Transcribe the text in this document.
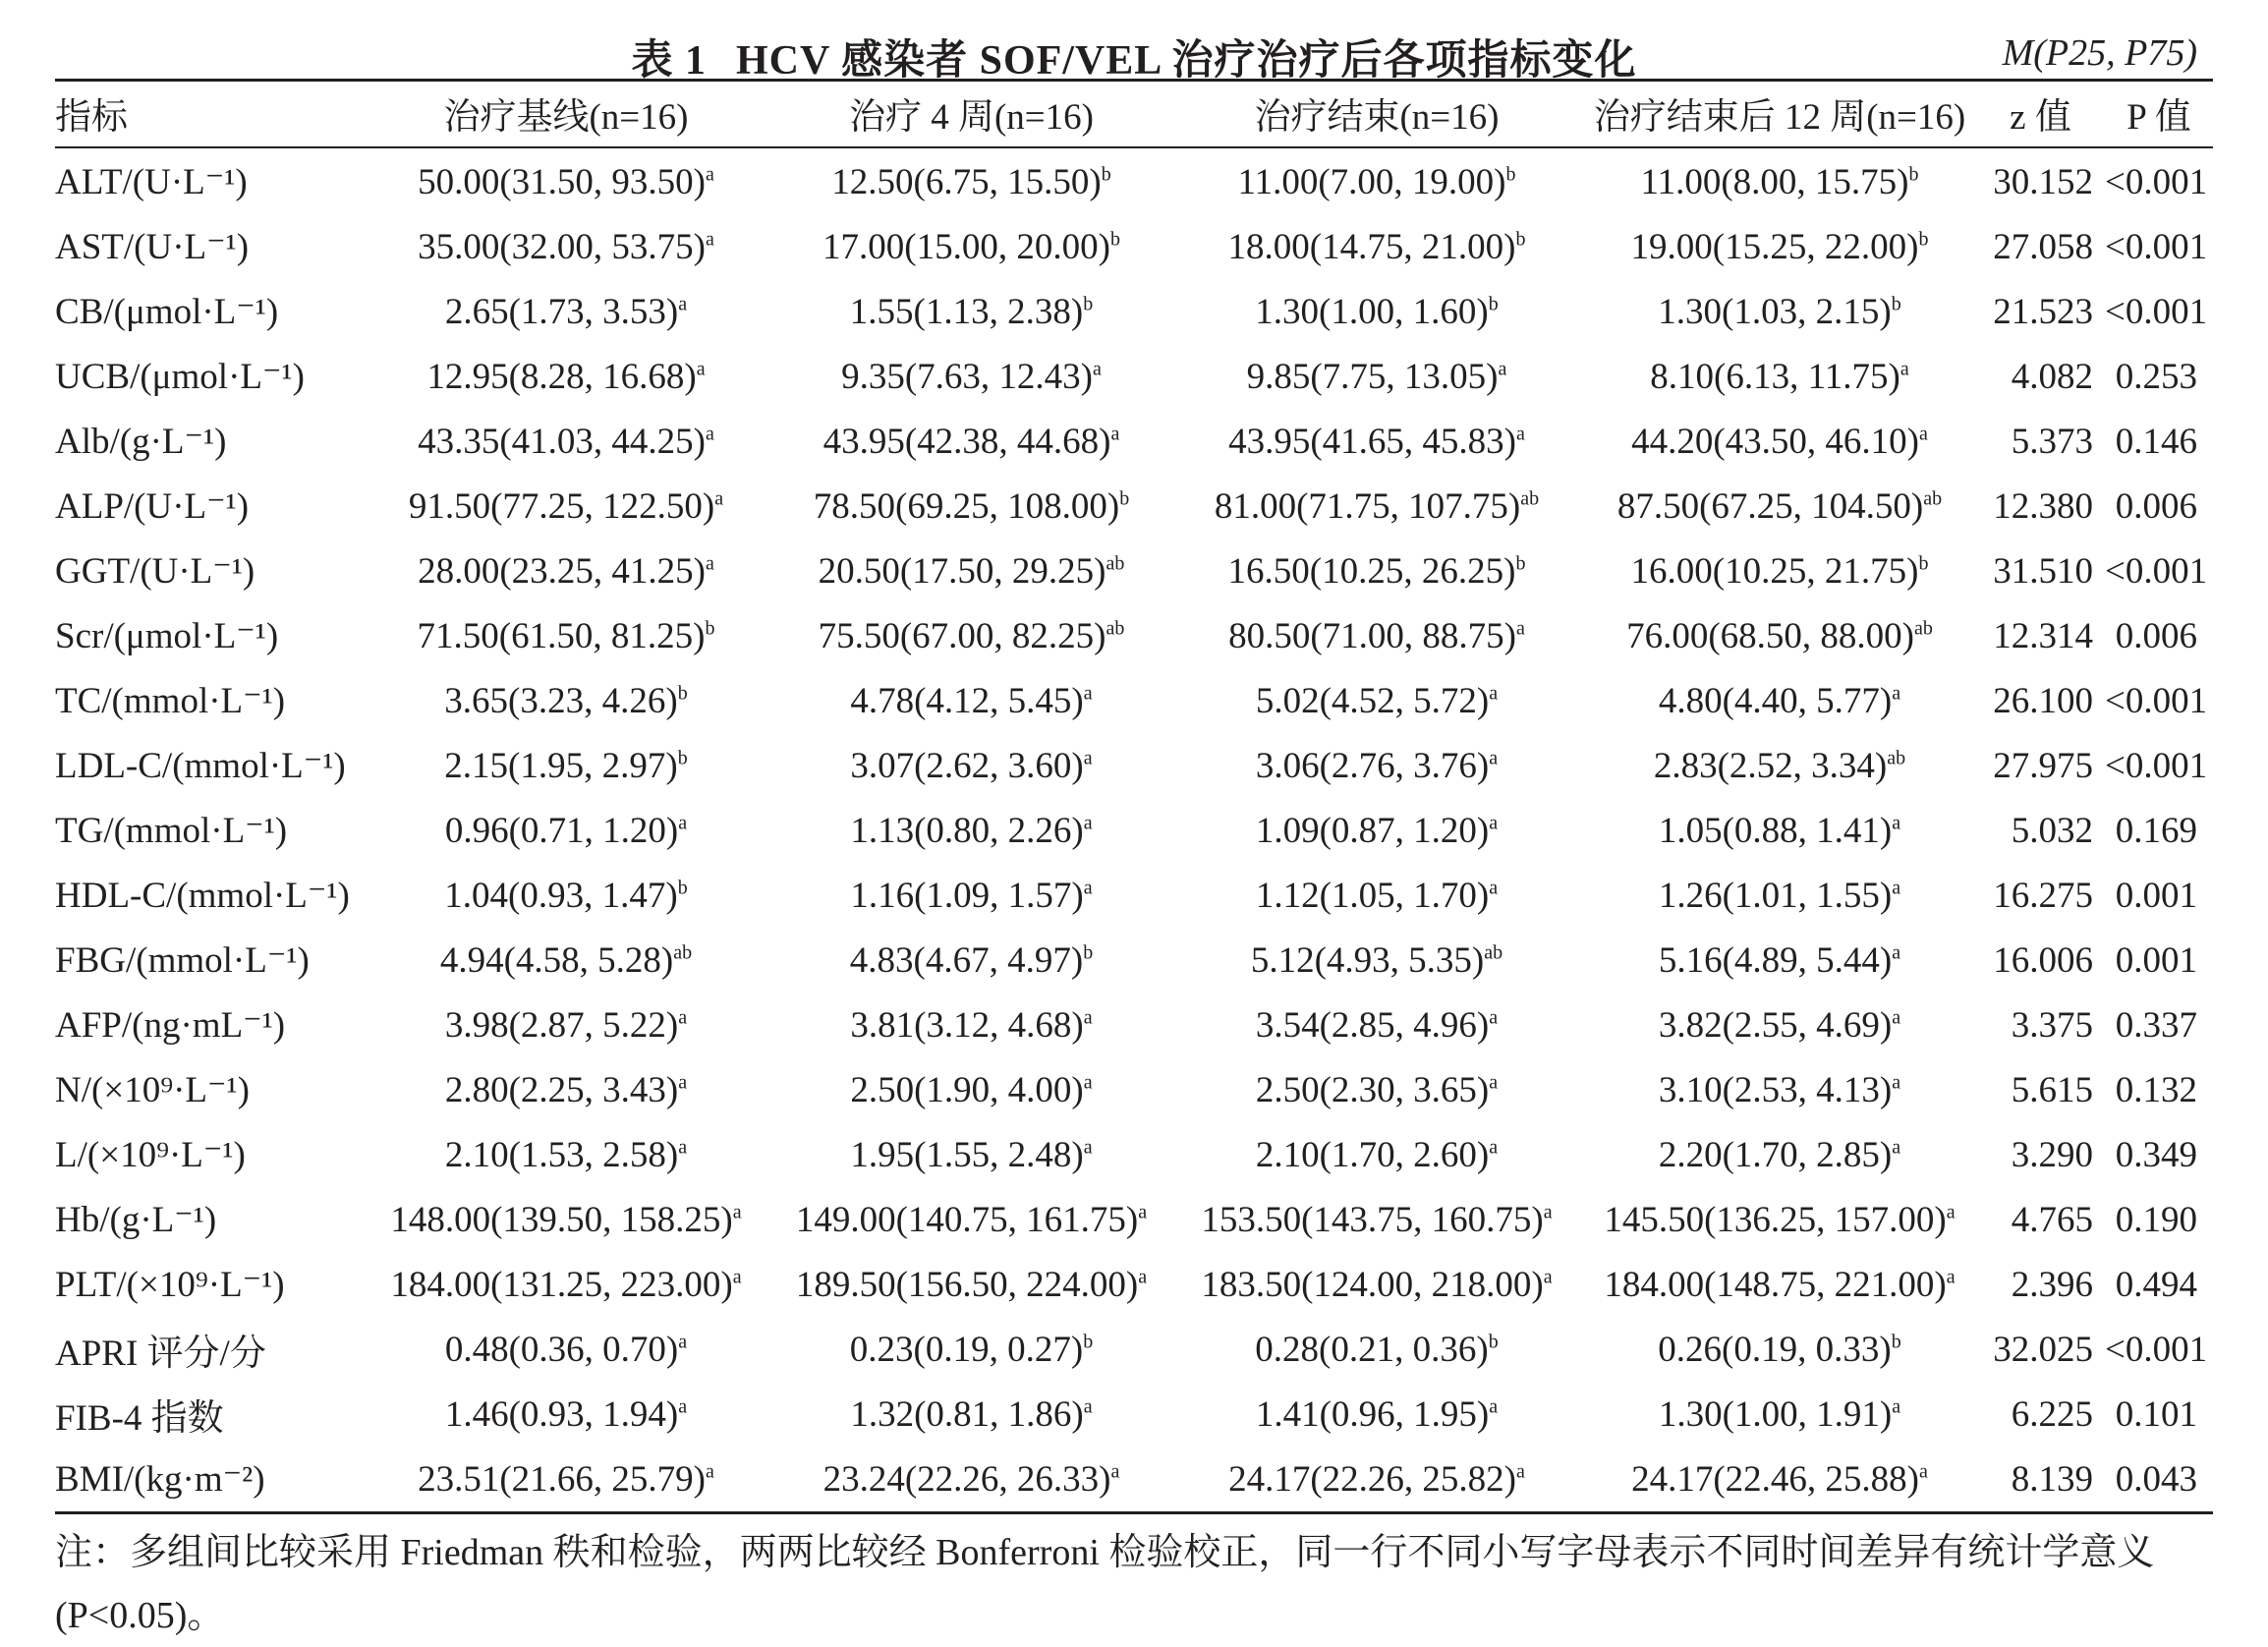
表 1 HCV 感染者 SOF/VEL 治疗治疗后各项指标变化	M(P25, P75)
指标	治疗基线(n=16)	治疗 4 周(n=16)	治疗结束(n=16)	治疗结束后 12 周(n=16)	z 值	P 值
ALT/(U·L⁻¹)	50.00(31.50, 93.50)$^a$	12.50(6.75, 15.50)$^b$	11.00(7.00, 19.00)$^b$	11.00(8.00, 15.75)$^b$	30.152	<0.001
AST/(U·L⁻¹)	35.00(32.00, 53.75)$^a$	17.00(15.00, 20.00)$^b$	18.00(14.75, 21.00)$^b$	19.00(15.25, 22.00)$^b$	27.058	<0.001
CB/(μmol·L⁻¹)	2.65(1.73, 3.53)$^a$	1.55(1.13, 2.38)$^b$	1.30(1.00, 1.60)$^b$	1.30(1.03, 2.15)$^b$	21.523	<0.001
UCB/(μmol·L⁻¹)	12.95(8.28, 16.68)$^a$	9.35(7.63, 12.43)$^a$	9.85(7.75, 13.05)$^a$	8.10(6.13, 11.75)$^a$	4.082	0.253
Alb/(g·L⁻¹)	43.35(41.03, 44.25)$^a$	43.95(42.38, 44.68)$^a$	43.95(41.65, 45.83)$^a$	44.20(43.50, 46.10)$^a$	5.373	0.146
ALP/(U·L⁻¹)	91.50(77.25, 122.50)$^a$	78.50(69.25, 108.00)$^b$	81.00(71.75, 107.75)$^{ab}$	87.50(67.25, 104.50)$^{ab}$	12.380	0.006
GGT/(U·L⁻¹)	28.00(23.25, 41.25)$^a$	20.50(17.50, 29.25)$^{ab}$	16.50(10.25, 26.25)$^b$	16.00(10.25, 21.75)$^b$	31.510	<0.001
Scr/(μmol·L⁻¹)	71.50(61.50, 81.25)$^b$	75.50(67.00, 82.25)$^{ab}$	80.50(71.00, 88.75)$^a$	76.00(68.50, 88.00)$^{ab}$	12.314	0.006
TC/(mmol·L⁻¹)	3.65(3.23, 4.26)$^b$	4.78(4.12, 5.45)$^a$	5.02(4.52, 5.72)$^a$	4.80(4.40, 5.77)$^a$	26.100	<0.001
LDL-C/(mmol·L⁻¹)	2.15(1.95, 2.97)$^b$	3.07(2.62, 3.60)$^a$	3.06(2.76, 3.76)$^a$	2.83(2.52, 3.34)$^{ab}$	27.975	<0.001
TG/(mmol·L⁻¹)	0.96(0.71, 1.20)$^a$	1.13(0.80, 2.26)$^a$	1.09(0.87, 1.20)$^a$	1.05(0.88, 1.41)$^a$	5.032	0.169
HDL-C/(mmol·L⁻¹)	1.04(0.93, 1.47)$^b$	1.16(1.09, 1.57)$^a$	1.12(1.05, 1.70)$^a$	1.26(1.01, 1.55)$^a$	16.275	0.001
FBG/(mmol·L⁻¹)	4.94(4.58, 5.28)$^{ab}$	4.83(4.67, 4.97)$^b$	5.12(4.93, 5.35)$^{ab}$	5.16(4.89, 5.44)$^a$	16.006	0.001
AFP/(ng·mL⁻¹)	3.98(2.87, 5.22)$^a$	3.81(3.12, 4.68)$^a$	3.54(2.85, 4.96)$^a$	3.82(2.55, 4.69)$^a$	3.375	0.337
N/(×10⁹·L⁻¹)	2.80(2.25, 3.43)$^a$	2.50(1.90, 4.00)$^a$	2.50(2.30, 3.65)$^a$	3.10(2.53, 4.13)$^a$	5.615	0.132
L/(×10⁹·L⁻¹)	2.10(1.53, 2.58)$^a$	1.95(1.55, 2.48)$^a$	2.10(1.70, 2.60)$^a$	2.20(1.70, 2.85)$^a$	3.290	0.349
Hb/(g·L⁻¹)	148.00(139.50, 158.25)$^a$	149.00(140.75, 161.75)$^a$	153.50(143.75, 160.75)$^a$	145.50(136.25, 157.00)$^a$	4.765	0.190
PLT/(×10⁹·L⁻¹)	184.00(131.25, 223.00)$^a$	189.50(156.50, 224.00)$^a$	183.50(124.00, 218.00)$^a$	184.00(148.75, 221.00)$^a$	2.396	0.494
APRI 评分/分	0.48(0.36, 0.70)$^a$	0.23(0.19, 0.27)$^b$	0.28(0.21, 0.36)$^b$	0.26(0.19, 0.33)$^b$	32.025	<0.001
FIB-4 指数	1.46(0.93, 1.94)$^a$	1.32(0.81, 1.86)$^a$	1.41(0.96, 1.95)$^a$	1.30(1.00, 1.91)$^a$	6.225	0.101
BMI/(kg·m⁻²)	23.51(21.66, 25.79)$^a$	23.24(22.26, 26.33)$^a$	24.17(22.26, 25.82)$^a$	24.17(22.46, 25.88)$^a$	8.139	0.043
注：多组间比较采用 Friedman 秩和检验，两两比较经 Bonferroni 检验校正，同一行不同小写字母表示不同时间差异有统计学意义(P<0.05)。
